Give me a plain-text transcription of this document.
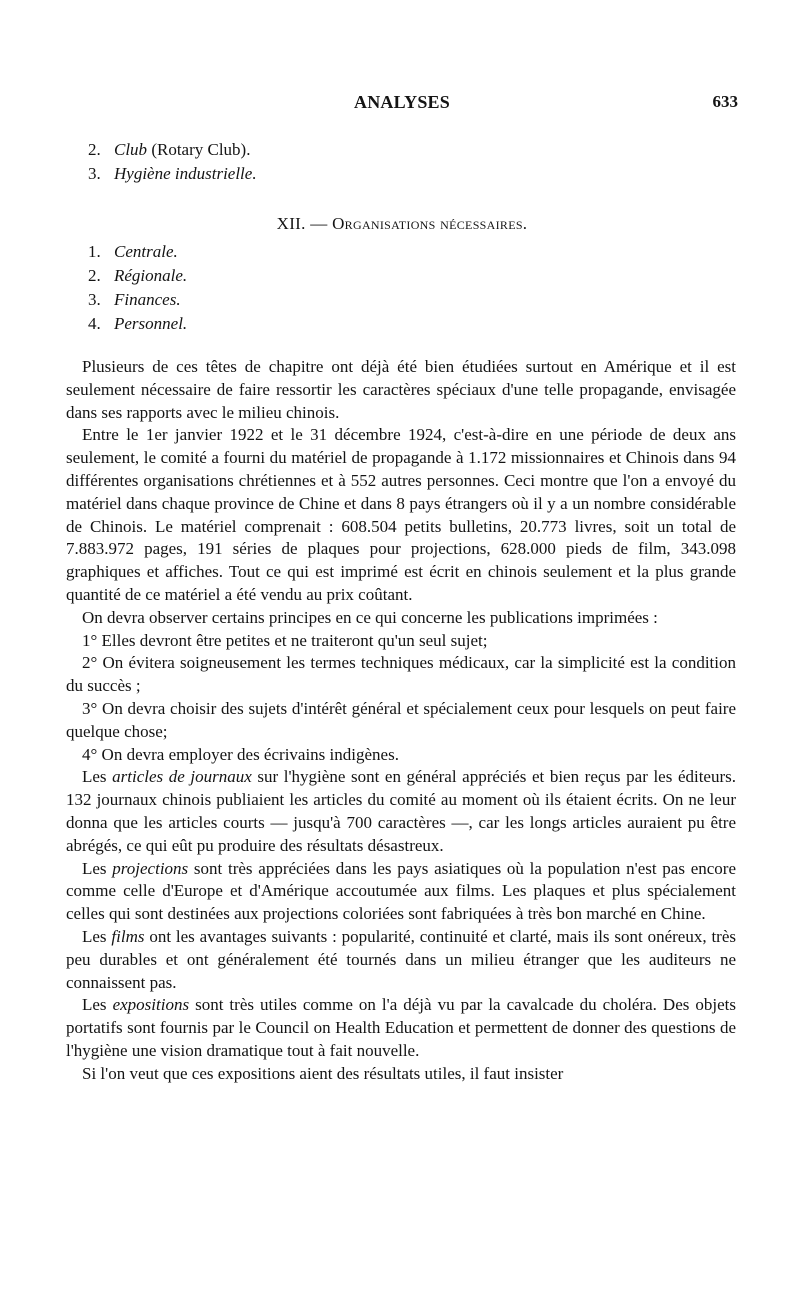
ANALYSES	633
2. Club (Rotary Club).
3. Hygiène industrielle.
XII. — Organisations nécessaires.
1. Centrale.
2. Régionale.
3. Finances.
4. Personnel.

Plusieurs de ces têtes de chapitre ont déjà été bien étudiées surtout en Amérique et il est seulement nécessaire de faire ressortir les caractères spéciaux d'une telle propagande, envisagée dans ses rapports avec le milieu chinois.

Entre le 1er janvier 1922 et le 31 décembre 1924, c'est-à-dire en une période de deux ans seulement, le comité a fourni du matériel de propagande à 1.172 missionnaires et Chinois dans 94 différentes organisations chrétiennes et à 552 autres personnes. Ceci montre que l'on a envoyé du matériel dans chaque province de Chine et dans 8 pays étrangers où il y a un nombre considérable de Chinois. Le matériel comprenait : 608.504 petits bulletins, 20.773 livres, soit un total de 7.883.972 pages, 191 séries de plaques pour projections, 628.000 pieds de film, 343.098 graphiques et affiches. Tout ce qui est imprimé est écrit en chinois seulement et la plus grande quantité de ce matériel a été vendu au prix coûtant.

On devra observer certains principes en ce qui concerne les publications imprimées :

1° Elles devront être petites et ne traiteront qu'un seul sujet;

2° On évitera soigneusement les termes techniques médicaux, car la simplicité est la condition du succès ;

3° On devra choisir des sujets d'intérêt général et spécialement ceux pour lesquels on peut faire quelque chose;

4° On devra employer des écrivains indigènes.

Les articles de journaux sur l'hygiène sont en général appréciés et bien reçus par les éditeurs. 132 journaux chinois publiaient les articles du comité au moment où ils étaient écrits. On ne leur donna que les articles courts — jusqu'à 700 caractères —, car les longs articles auraient pu être abrégés, ce qui eût pu produire des résultats désastreux.

Les projections sont très appréciées dans les pays asiatiques où la population n'est pas encore comme celle d'Europe et d'Amérique accoutumée aux films. Les plaques et plus spécialement celles qui sont destinées aux projections coloriées sont fabriquées à très bon marché en Chine.

Les films ont les avantages suivants : popularité, continuité et clarté, mais ils sont onéreux, très peu durables et ont généralement été tournés dans un milieu étranger que les auditeurs ne connaissent pas.

Les expositions sont très utiles comme on l'a déjà vu par la cavalcade du choléra. Des objets portatifs sont fournis par le Council on Health Education et permettent de donner des questions de l'hygiène une vision dramatique tout à fait nouvelle.

Si l'on veut que ces expositions aient des résultats utiles, il faut insister
